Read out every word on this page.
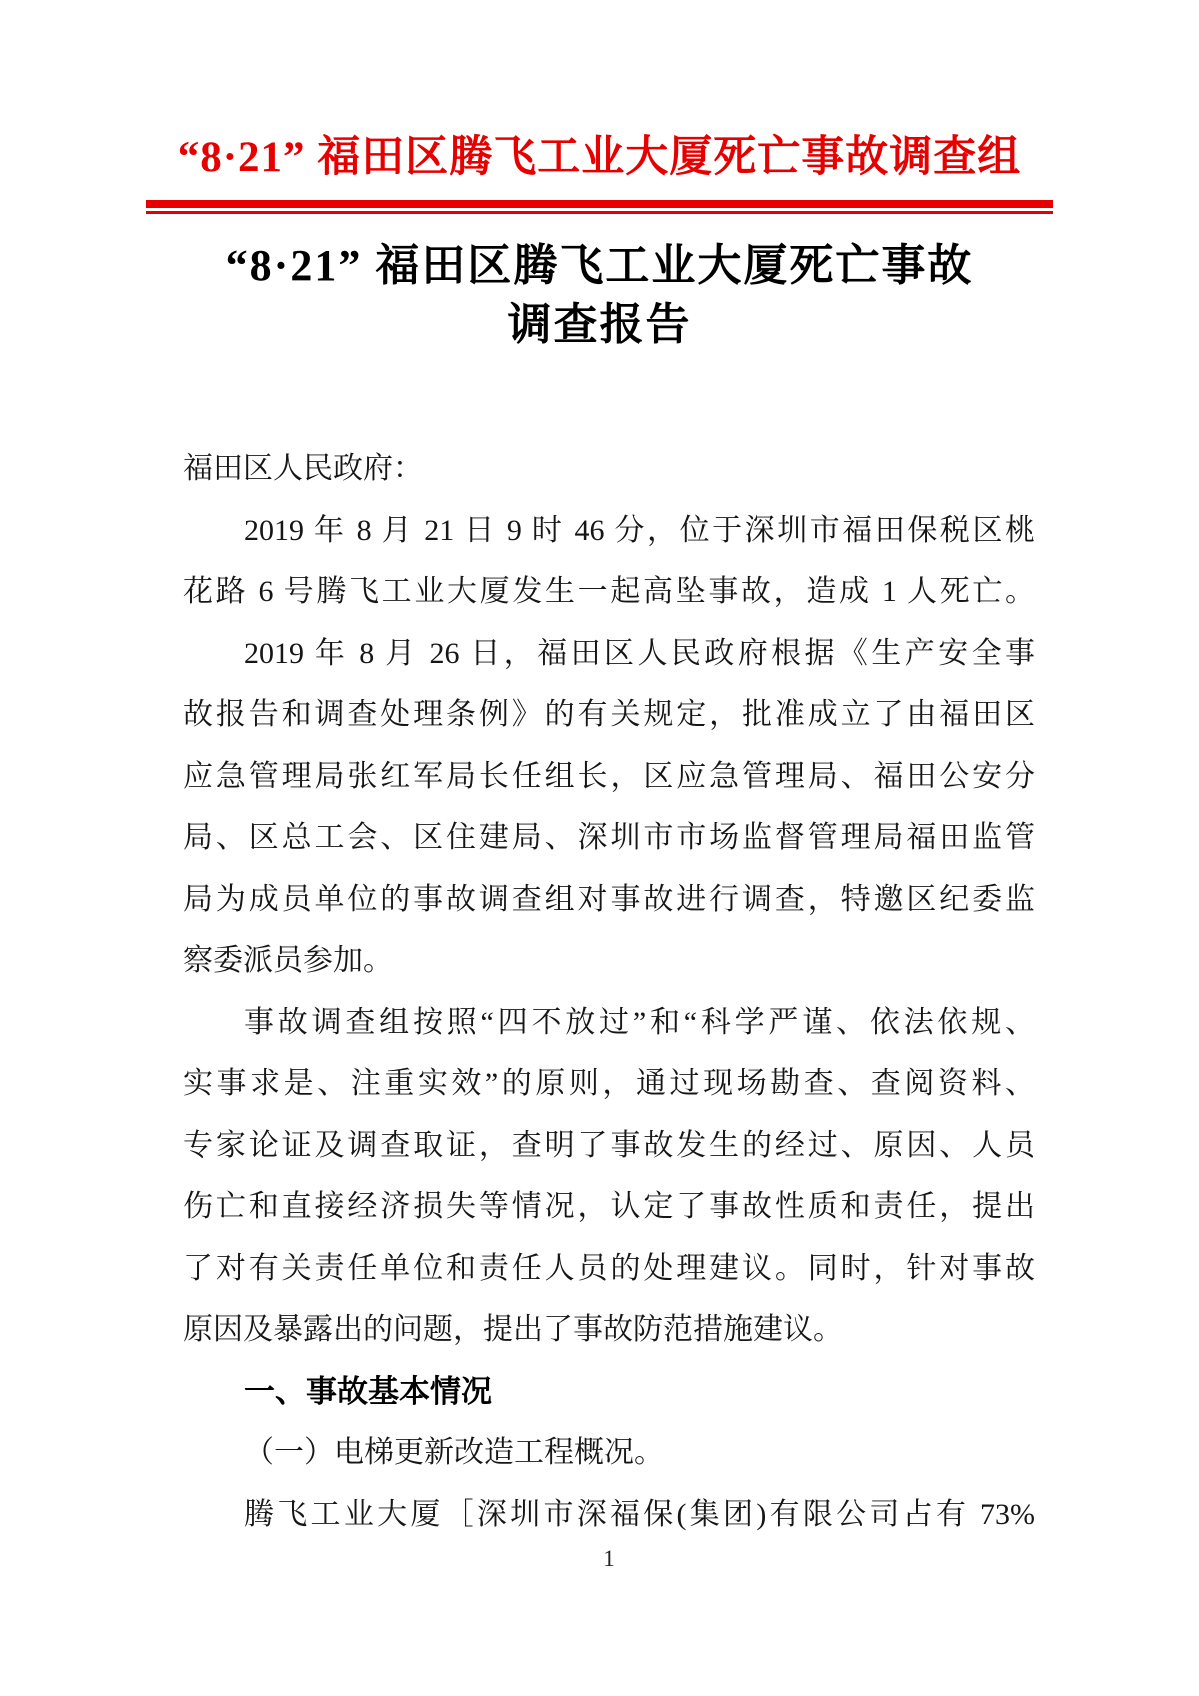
“8·21” 福田区腾飞工业大厦死亡事故调查组
“8·21” 福田区腾飞工业大厦死亡事故
调查报告
福田区人民政府：
2019 年 8 月 21 日 9 时 46 分，位于深圳市福田保税区桃
花路 6 号腾飞工业大厦发生一起高坠事故，造成 1 人死亡。
2019 年 8 月 26 日，福田区人民政府根据《生产安全事
故报告和调查处理条例》的有关规定，批准成立了由福田区
应急管理局张红军局长任组长，区应急管理局、福田公安分
局、区总工会、区住建局、深圳市市场监督管理局福田监管
局为成员单位的事故调查组对事故进行调查，特邀区纪委监
察委派员参加。
事故调查组按照“四不放过”和“科学严谨、依法依规、
实事求是、注重实效”的原则，通过现场勘查、查阅资料、
专家论证及调查取证，查明了事故发生的经过、原因、人员
伤亡和直接经济损失等情况，认定了事故性质和责任，提出
了对有关责任单位和责任人员的处理建议。同时，针对事故
原因及暴露出的问题，提出了事故防范措施建议。
一、事故基本情况
（一）电梯更新改造工程概况。
腾飞工业大厦［深圳市深福保(集团)有限公司占有 73%
1
